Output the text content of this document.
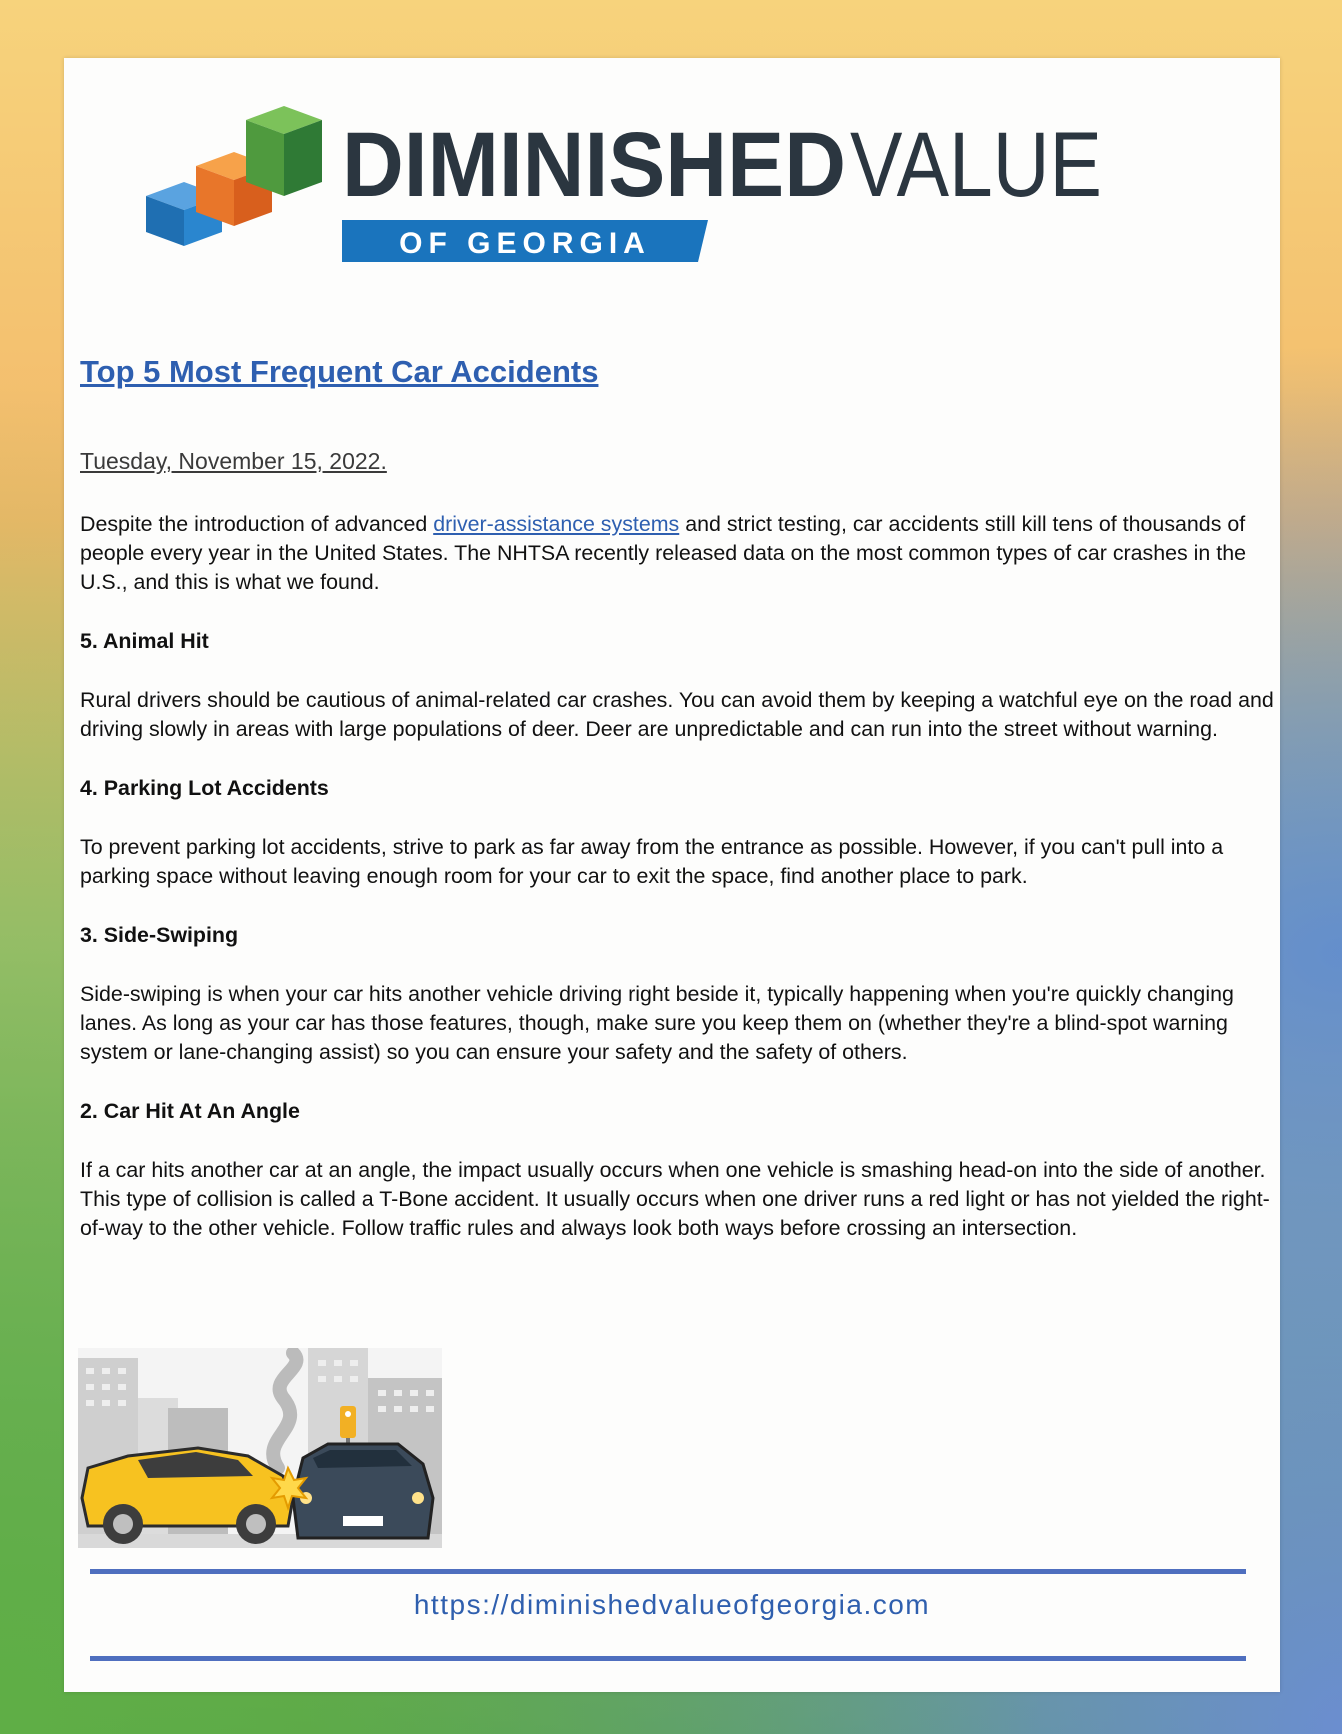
DIMINISHED VALUE
OF GEORGIA
Top 5 Most Frequent Car Accidents
Tuesday, November 15, 2022.

Despite the introduction of advanced driver-assistance systems and strict testing, car accidents still kill tens of thousands of people every year in the United States. The NHTSA recently released data on the most common types of car crashes in the U.S., and this is what we found.

5. Animal Hit

Rural drivers should be cautious of animal-related car crashes. You can avoid them by keeping a watchful eye on the road and driving slowly in areas with large populations of deer. Deer are unpredictable and can run into the street without warning.

4. Parking Lot Accidents

To prevent parking lot accidents, strive to park as far away from the entrance as possible. However, if you can't pull into a parking space without leaving enough room for your car to exit the space, find another place to park.

3. Side-Swiping

Side-swiping is when your car hits another vehicle driving right beside it, typically happening when you're quickly changing lanes. As long as your car has those features, though, make sure you keep them on (whether they're a blind-spot warning system or lane-changing assist) so you can ensure your safety and the safety of others.

2. Car Hit At An Angle

If a car hits another car at an angle, the impact usually occurs when one vehicle is smashing head-on into the side of another. This type of collision is called a T-Bone accident. It usually occurs when one driver runs a red light or has not yielded the right-of-way to the other vehicle. Follow traffic rules and always look both ways before crossing an intersection.

https://diminishedvalueofgeorgia.com
